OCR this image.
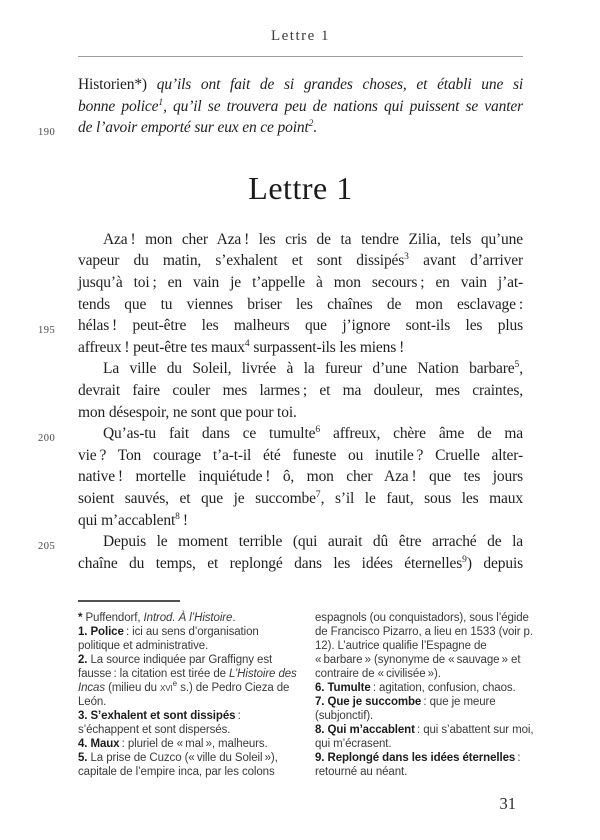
Lettre 1
Historien*) qu’ils ont fait de si grandes choses, et établi une si
bonne police$^1$, qu’il se trouvera peu de nations qui puissent se vanter
190	de l’avoir emporté sur eux en ce point$^2$.
Lettre 1
Aza ! mon cher Aza ! les cris de ta tendre Zilia, tels qu’une
vapeur du matin, s’exhalent et sont dissipés$^3$ avant d’arriver
jusqu’à toi ; en vain je t’appelle à mon secours ; en vain j’at-
tends que tu viennes briser les chaînes de mon esclavage :
195	hélas ! peut-être les malheurs que j’ignore sont-ils les plus
affreux ! peut-être tes maux$^4$ surpassent-ils les miens !
La ville du Soleil, livrée à la fureur d’une Nation barbare$^5$,
devrait faire couler mes larmes ; et ma douleur, mes craintes,
mon désespoir, ne sont que pour toi.
200	Qu’as-tu fait dans ce tumulte$^6$ affreux, chère âme de ma
vie ? Ton courage t’a-t-il été funeste ou inutile ? Cruelle alter-
native ! mortelle inquiétude ! ô, mon cher Aza ! que tes jours
soient sauvés, et que je succombe$^7$, s’il le faut, sous les maux
qui m’accablent$^8$ !
205	Depuis le moment terrible (qui aurait dû être arraché de la
chaîne du temps, et replongé dans les idées éternelles$^9$) depuis

* Puffendorf, Introd. À l’Histoire.

1. Police : ici au sens d’organisation politique et administrative.

2. La source indiquée par Graffigny est fausse : la citation est tirée de L’Histoire des Incas (milieu du xvi$^e$ s.) de Pedro Cieza de León.

3. S’exhalent et sont dissipés : s’échappent et sont dispersés.

4. Maux : pluriel de « mal », malheurs.

5. La prise de Cuzco (« ville du Soleil »), capitale de l’empire inca, par les colons

espagnols (ou conquistadors), sous l’égide de Francisco Pizarro, a lieu en 1533 (voir p. 12). L’autrice qualifie l’Espagne de « barbare » (synonyme de « sauvage » et contraire de « civilisée »).

6. Tumulte : agitation, confusion, chaos.

7. Que je succombe : que je meure (subjonctif).

8. Qui m’accablent : qui s’abattent sur moi, qui m’écrasent.

9. Replongé dans les idées éternelles : retourné au néant.

31
